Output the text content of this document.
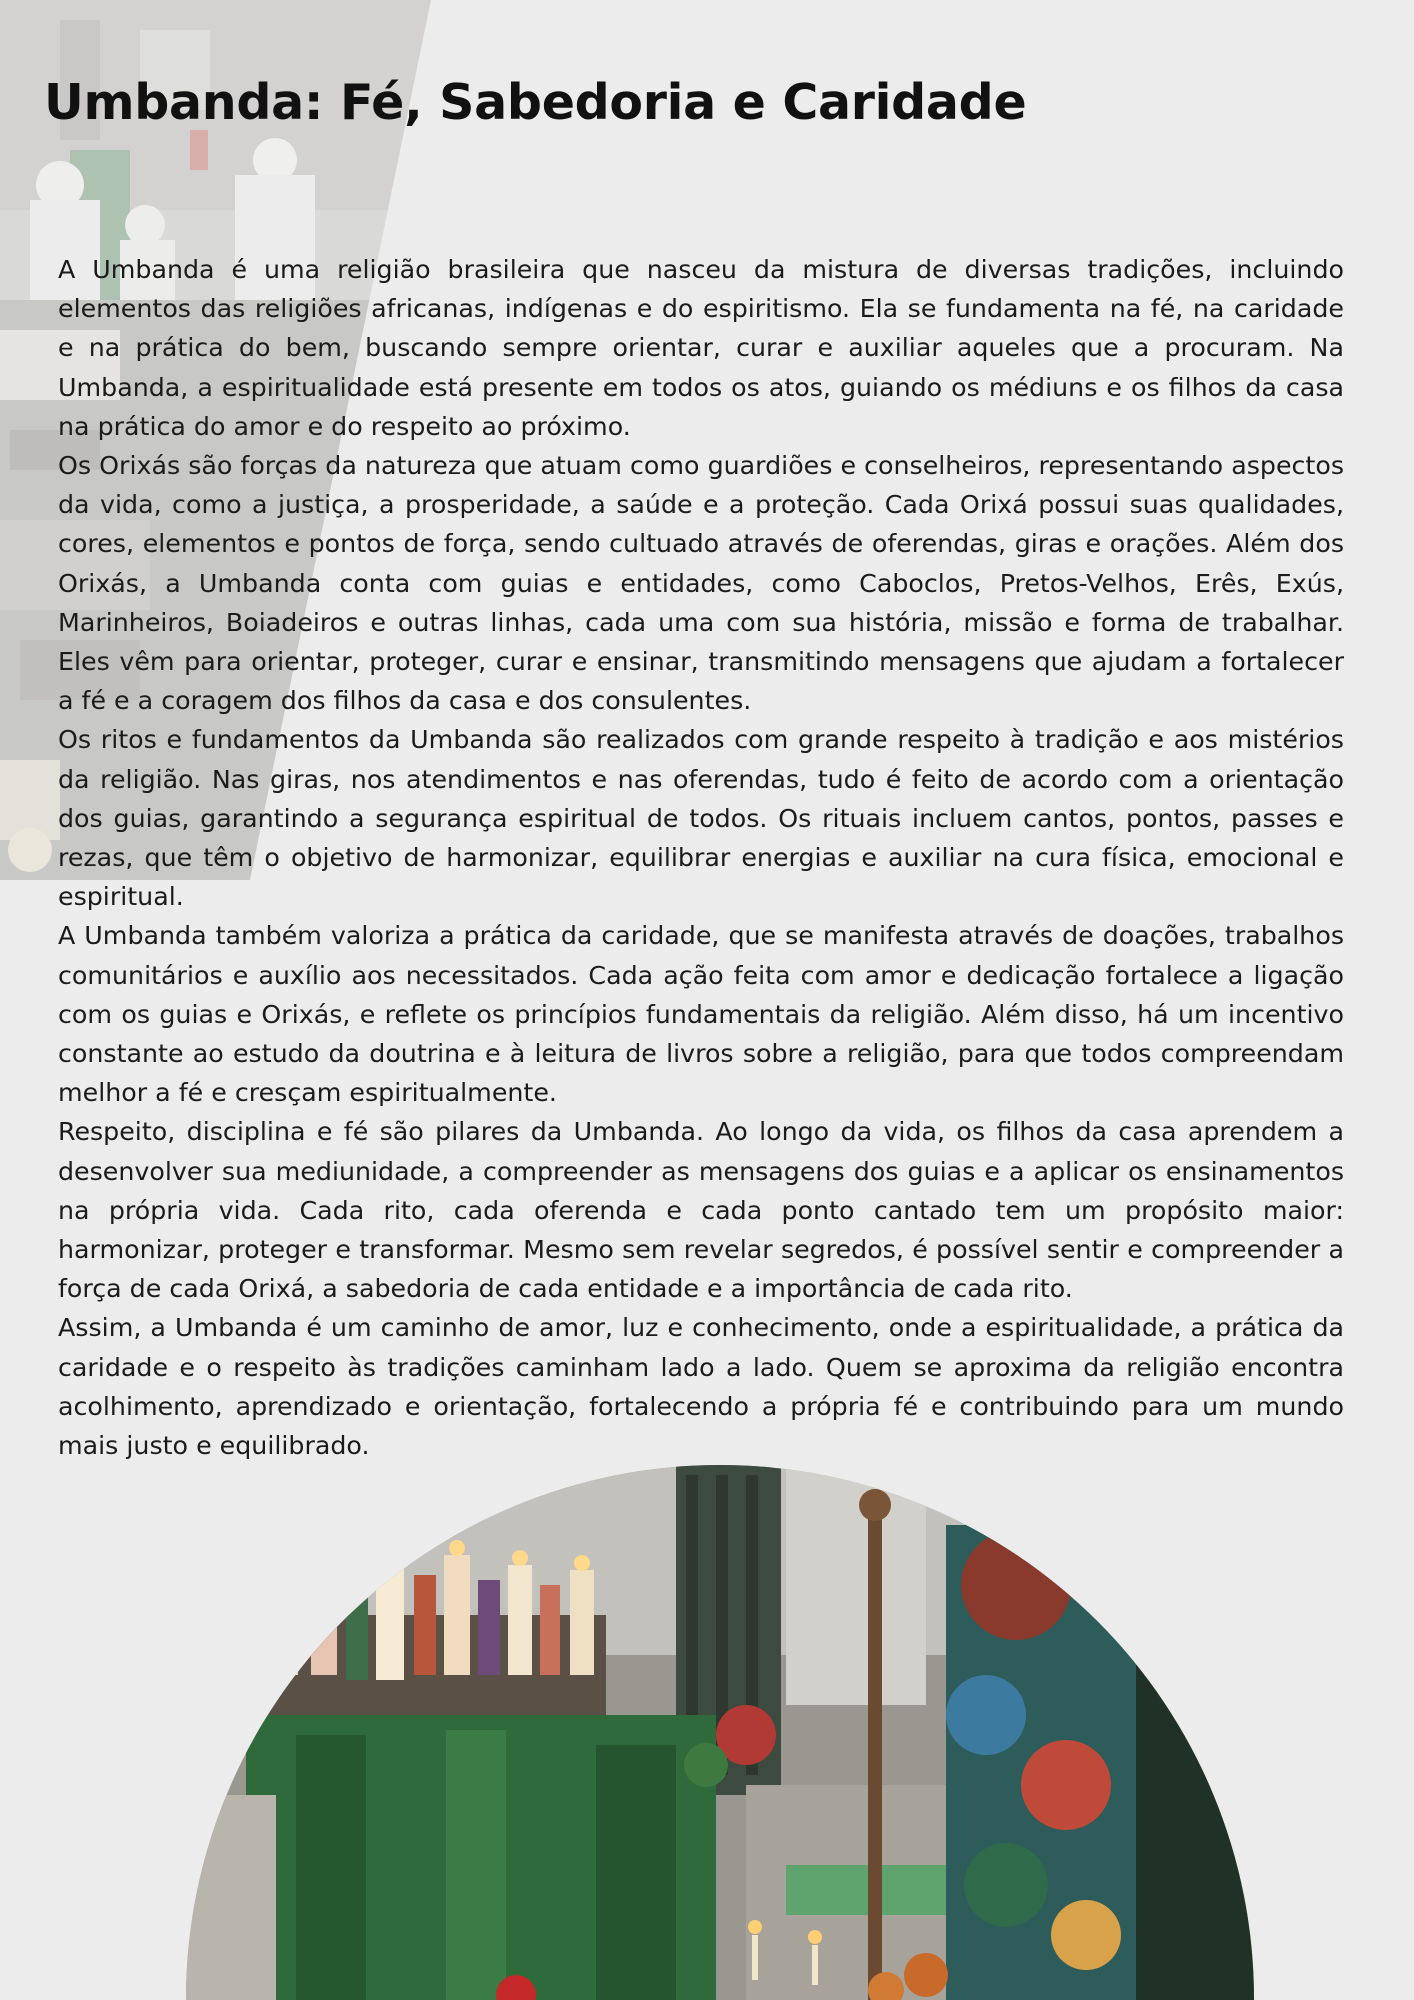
Umbanda: Fé, Sabedoria e Caridade

A Umbanda é uma religião brasileira que nasceu da mistura de diversas tradições, incluindo elementos das religiões africanas, indígenas e do espiritismo. Ela se fundamenta na fé, na caridade e na prática do bem, buscando sempre orientar, curar e auxiliar aqueles que a procuram. Na Umbanda, a espiritualidade está presente em todos os atos, guiando os médiuns e os filhos da casa na prática do amor e do respeito ao próximo.

Os Orixás são forças da natureza que atuam como guardiões e conselheiros, representando aspectos da vida, como a justiça, a prosperidade, a saúde e a proteção. Cada Orixá possui suas qualidades, cores, elementos e pontos de força, sendo cultuado através de oferendas, giras e orações. Além dos Orixás, a Umbanda conta com guias e entidades, como Caboclos, Pretos-Velhos, Erês, Exús, Marinheiros, Boiadeiros e outras linhas, cada uma com sua história, missão e forma de trabalhar. Eles vêm para orientar, proteger, curar e ensinar, transmitindo mensagens que ajudam a fortalecer a fé e a coragem dos filhos da casa e dos consulentes.

Os ritos e fundamentos da Umbanda são realizados com grande respeito à tradição e aos mistérios da religião. Nas giras, nos atendimentos e nas oferendas, tudo é feito de acordo com a orientação dos guias, garantindo a segurança espiritual de todos. Os rituais incluem cantos, pontos, passes e rezas, que têm o objetivo de harmonizar, equilibrar energias e auxiliar na cura física, emocional e espiritual.

A Umbanda também valoriza a prática da caridade, que se manifesta através de doações, trabalhos comunitários e auxílio aos necessitados. Cada ação feita com amor e dedicação fortalece a ligação com os guias e Orixás, e reflete os princípios fundamentais da religião. Além disso, há um incentivo constante ao estudo da doutrina e à leitura de livros sobre a religião, para que todos compreendam melhor a fé e cresçam espiritualmente.

Respeito, disciplina e fé são pilares da Umbanda. Ao longo da vida, os filhos da casa aprendem a desenvolver sua mediunidade, a compreender as mensagens dos guias e a aplicar os ensinamentos na própria vida. Cada rito, cada oferenda e cada ponto cantado tem um propósito maior: harmonizar, proteger e transformar. Mesmo sem revelar segredos, é possível sentir e compreender a força de cada Orixá, a sabedoria de cada entidade e a importância de cada rito.

Assim, a Umbanda é um caminho de amor, luz e conhecimento, onde a espiritualidade, a prática da caridade e o respeito às tradições caminham lado a lado. Quem se aproxima da religião encontra acolhimento, aprendizado e orientação, fortalecendo a própria fé e contribuindo para um mundo mais justo e equilibrado.
